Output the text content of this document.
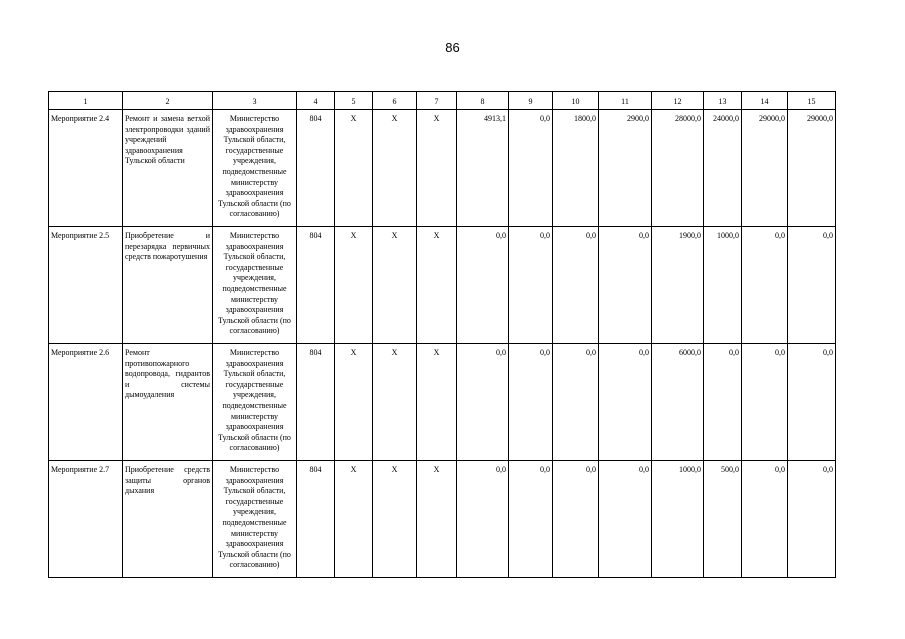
86
1	2	3	4	5	6	7	8	9	10	11	12	13	14	15
Мероприятие 2.4	Ремонт и замена ветхой электропроводки зданий учреждений здравоохранения Тульской области	Министерство здравоохранения Тульской области, государственные учреждения, подведомственные министерству здравоохранения Тульской области (по согласованию)	804	X	X	X	4913,1	0,0	1800,0	2900,0	28000,0	24000,0	29000,0	29000,0
Мероприятие 2.5	Приобретение и перезарядка первичных средств пожаротушения	Министерство здравоохранения Тульской области, государственные учреждения, подведомственные министерству здравоохранения Тульской области (по согласованию)	804	X	X	X	0,0	0,0	0,0	0,0	1900,0	1000,0	0,0	0,0
Мероприятие 2.6	Ремонт противопожарного водопровода, гидрантов и системы дымоудаления	Министерство здравоохранения Тульской области, государственные учреждения, подведомственные министерству здравоохранения Тульской области (по согласованию)	804	X	X	X	0,0	0,0	0,0	0,0	6000,0	0,0	0,0	0,0
Мероприятие 2.7	Приобретение средств защиты органов дыхания	Министерство здравоохранения Тульской области, государственные учреждения, подведомственные министерству здравоохранения Тульской области (по согласованию)	804	X	X	X	0,0	0,0	0,0	0,0	1000,0	500,0	0,0	0,0
